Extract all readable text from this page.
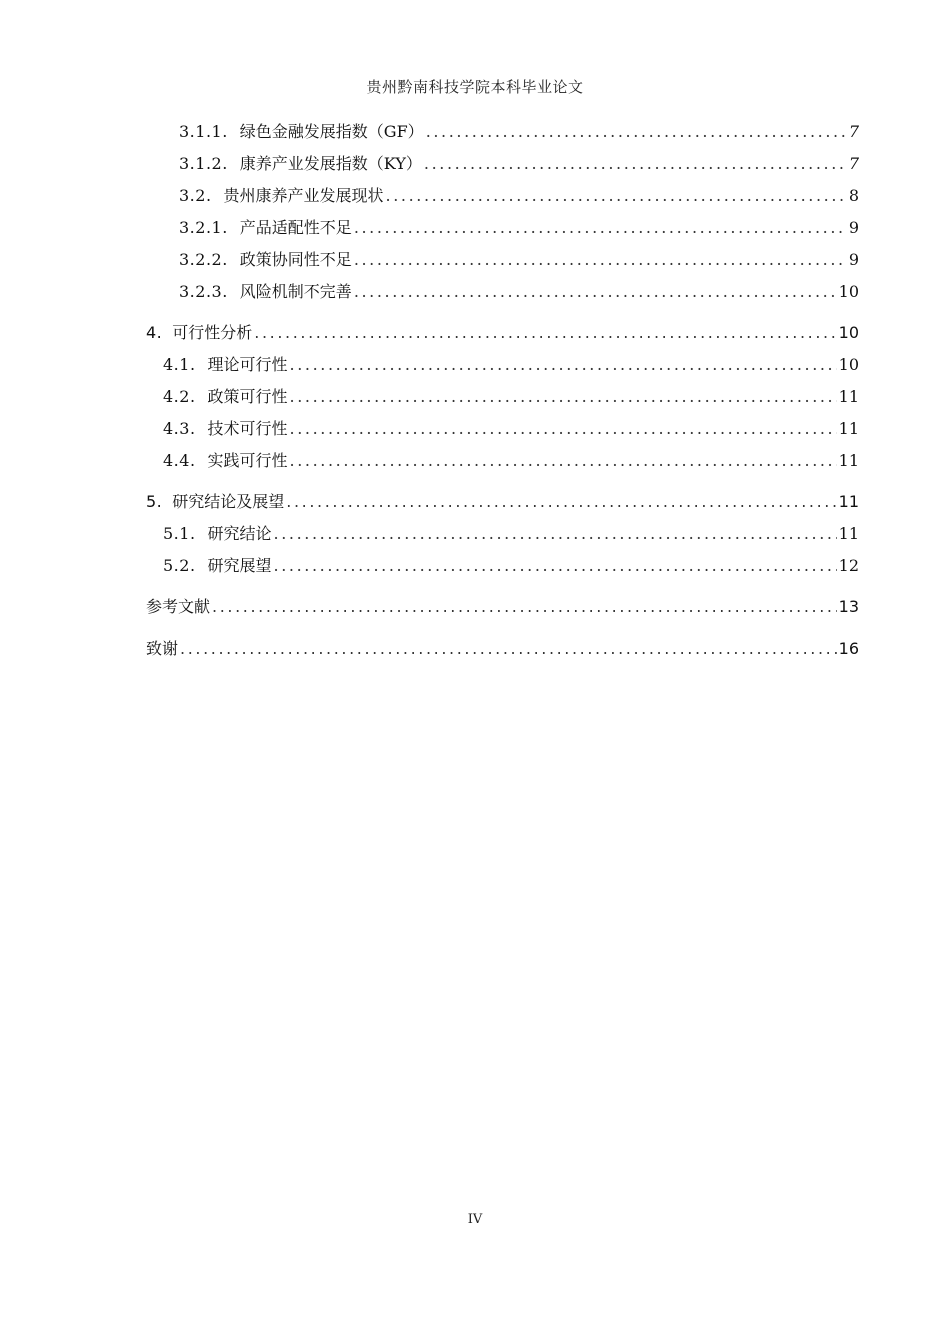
贵州黔南科技学院本科毕业论文
3.1.1. 绿色金融发展指数（GF） .....	7
3.1.2. 康养产业发展指数（KY） .....	7
3.2. 贵州康养产业发展现状 .....	8
3.2.1. 产品适配性不足 .....	9
3.2.2. 政策协同性不足 .....	9
3.2.3. 风险机制不完善 .....	10
4. 可行性分析 .....	10
4.1. 理论可行性 .....	10
4.2. 政策可行性 .....	11
4.3. 技术可行性 .....	11
4.4. 实践可行性 .....	11
5. 研究结论及展望 .....	11
5.1. 研究结论 .....	11
5.2. 研究展望 .....	12
参考文献 .....	13
致谢 .....	16
IV
